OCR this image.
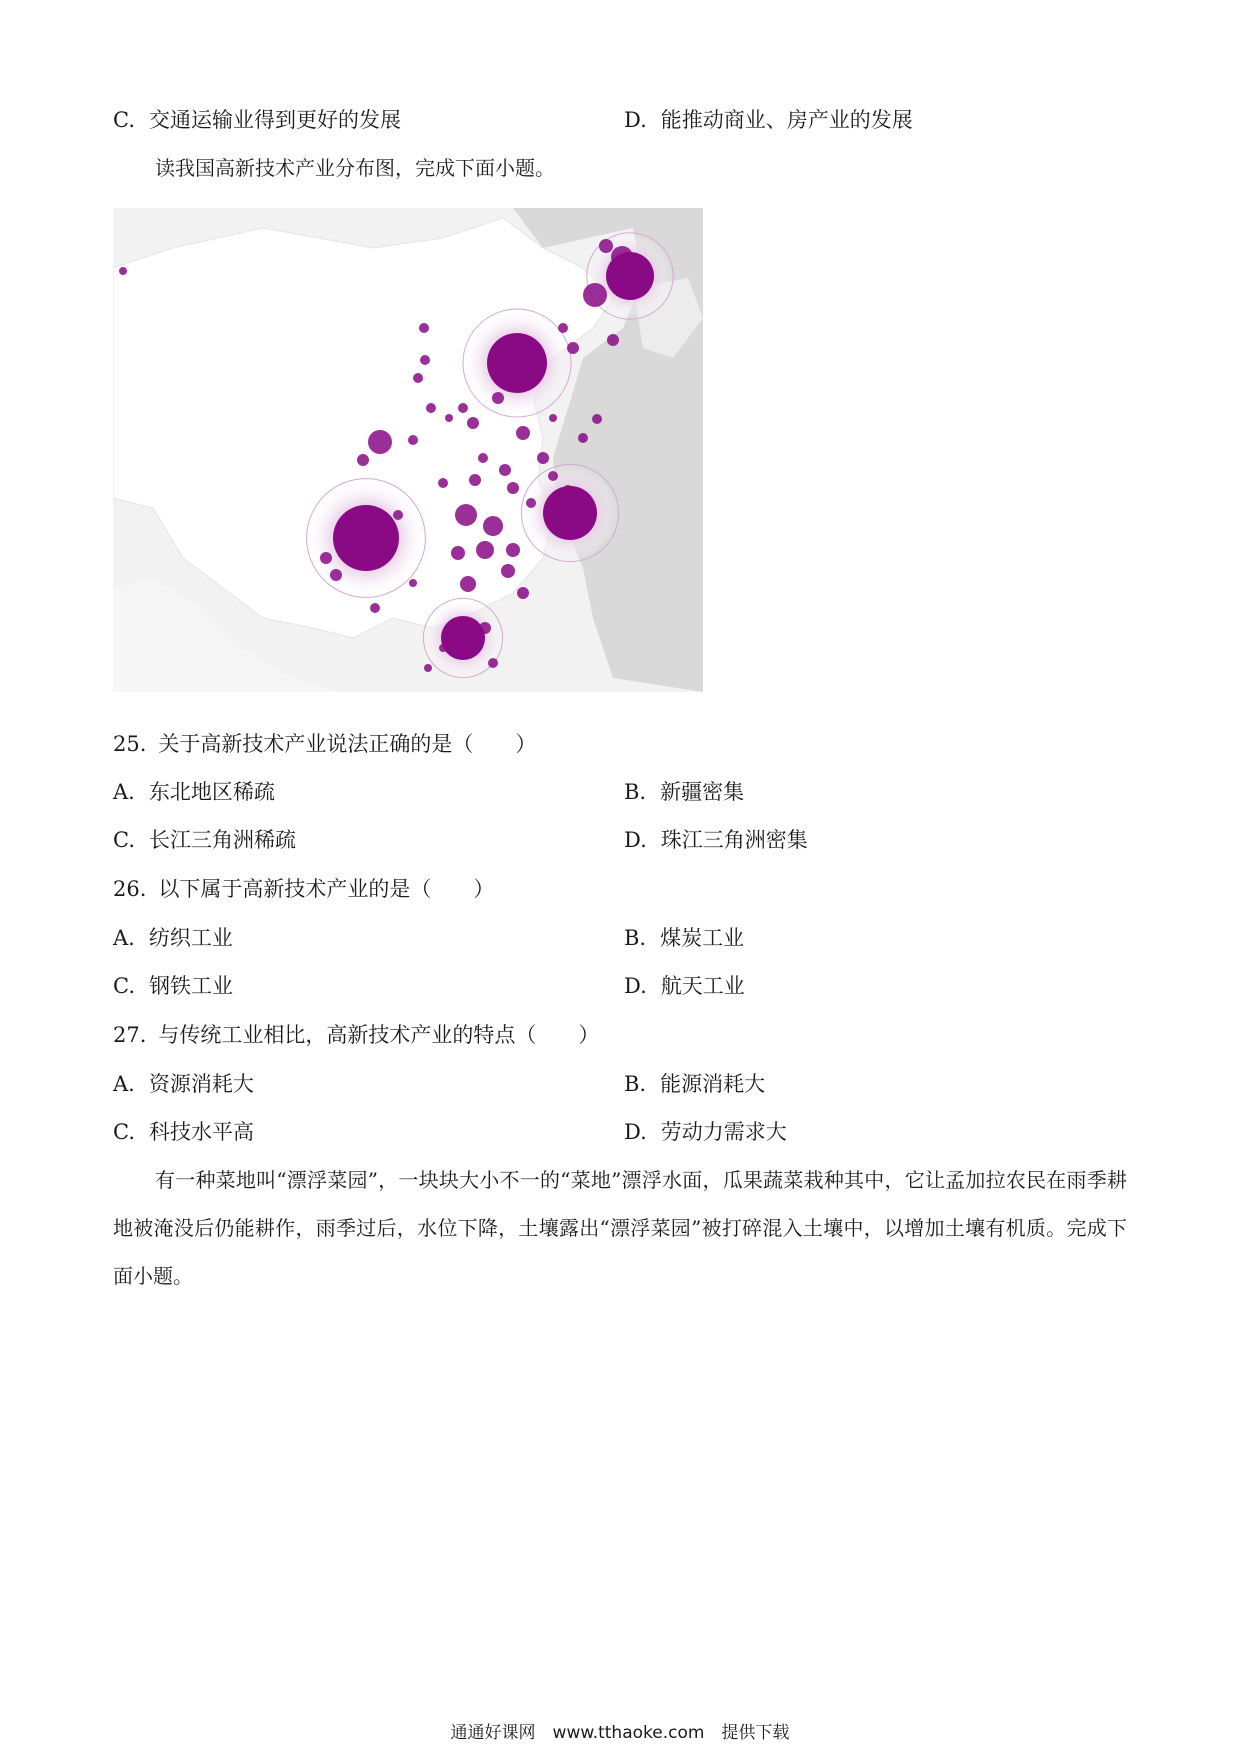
C. 交通运输业得到更好的发展	D. 能推动商业、房产业的发展
读我国高新技术产业分布图，完成下面小题。
25. 关于高新技术产业说法正确的是（　　）
A. 东北地区稀疏	B. 新疆密集
C. 长江三角洲稀疏	D. 珠江三角洲密集
26. 以下属于高新技术产业的是（　　）
A. 纺织工业	B. 煤炭工业
C. 钢铁工业	D. 航天工业
27. 与传统工业相比，高新技术产业的特点（　　）
A. 资源消耗大	B. 能源消耗大
C. 科技水平高	D. 劳动力需求大
有一种菜地叫“漂浮菜园”，一块块大小不一的“菜地”漂浮水面，瓜果蔬菜栽种其中，它让孟加拉农民在雨季耕地被淹没后仍能耕作，雨季过后，水位下降，土壤露出“漂浮菜园”被打碎混入土壤中，以增加土壤有机质。完成下面小题。
通通好课网　www.tthaoke.com　提供下载
